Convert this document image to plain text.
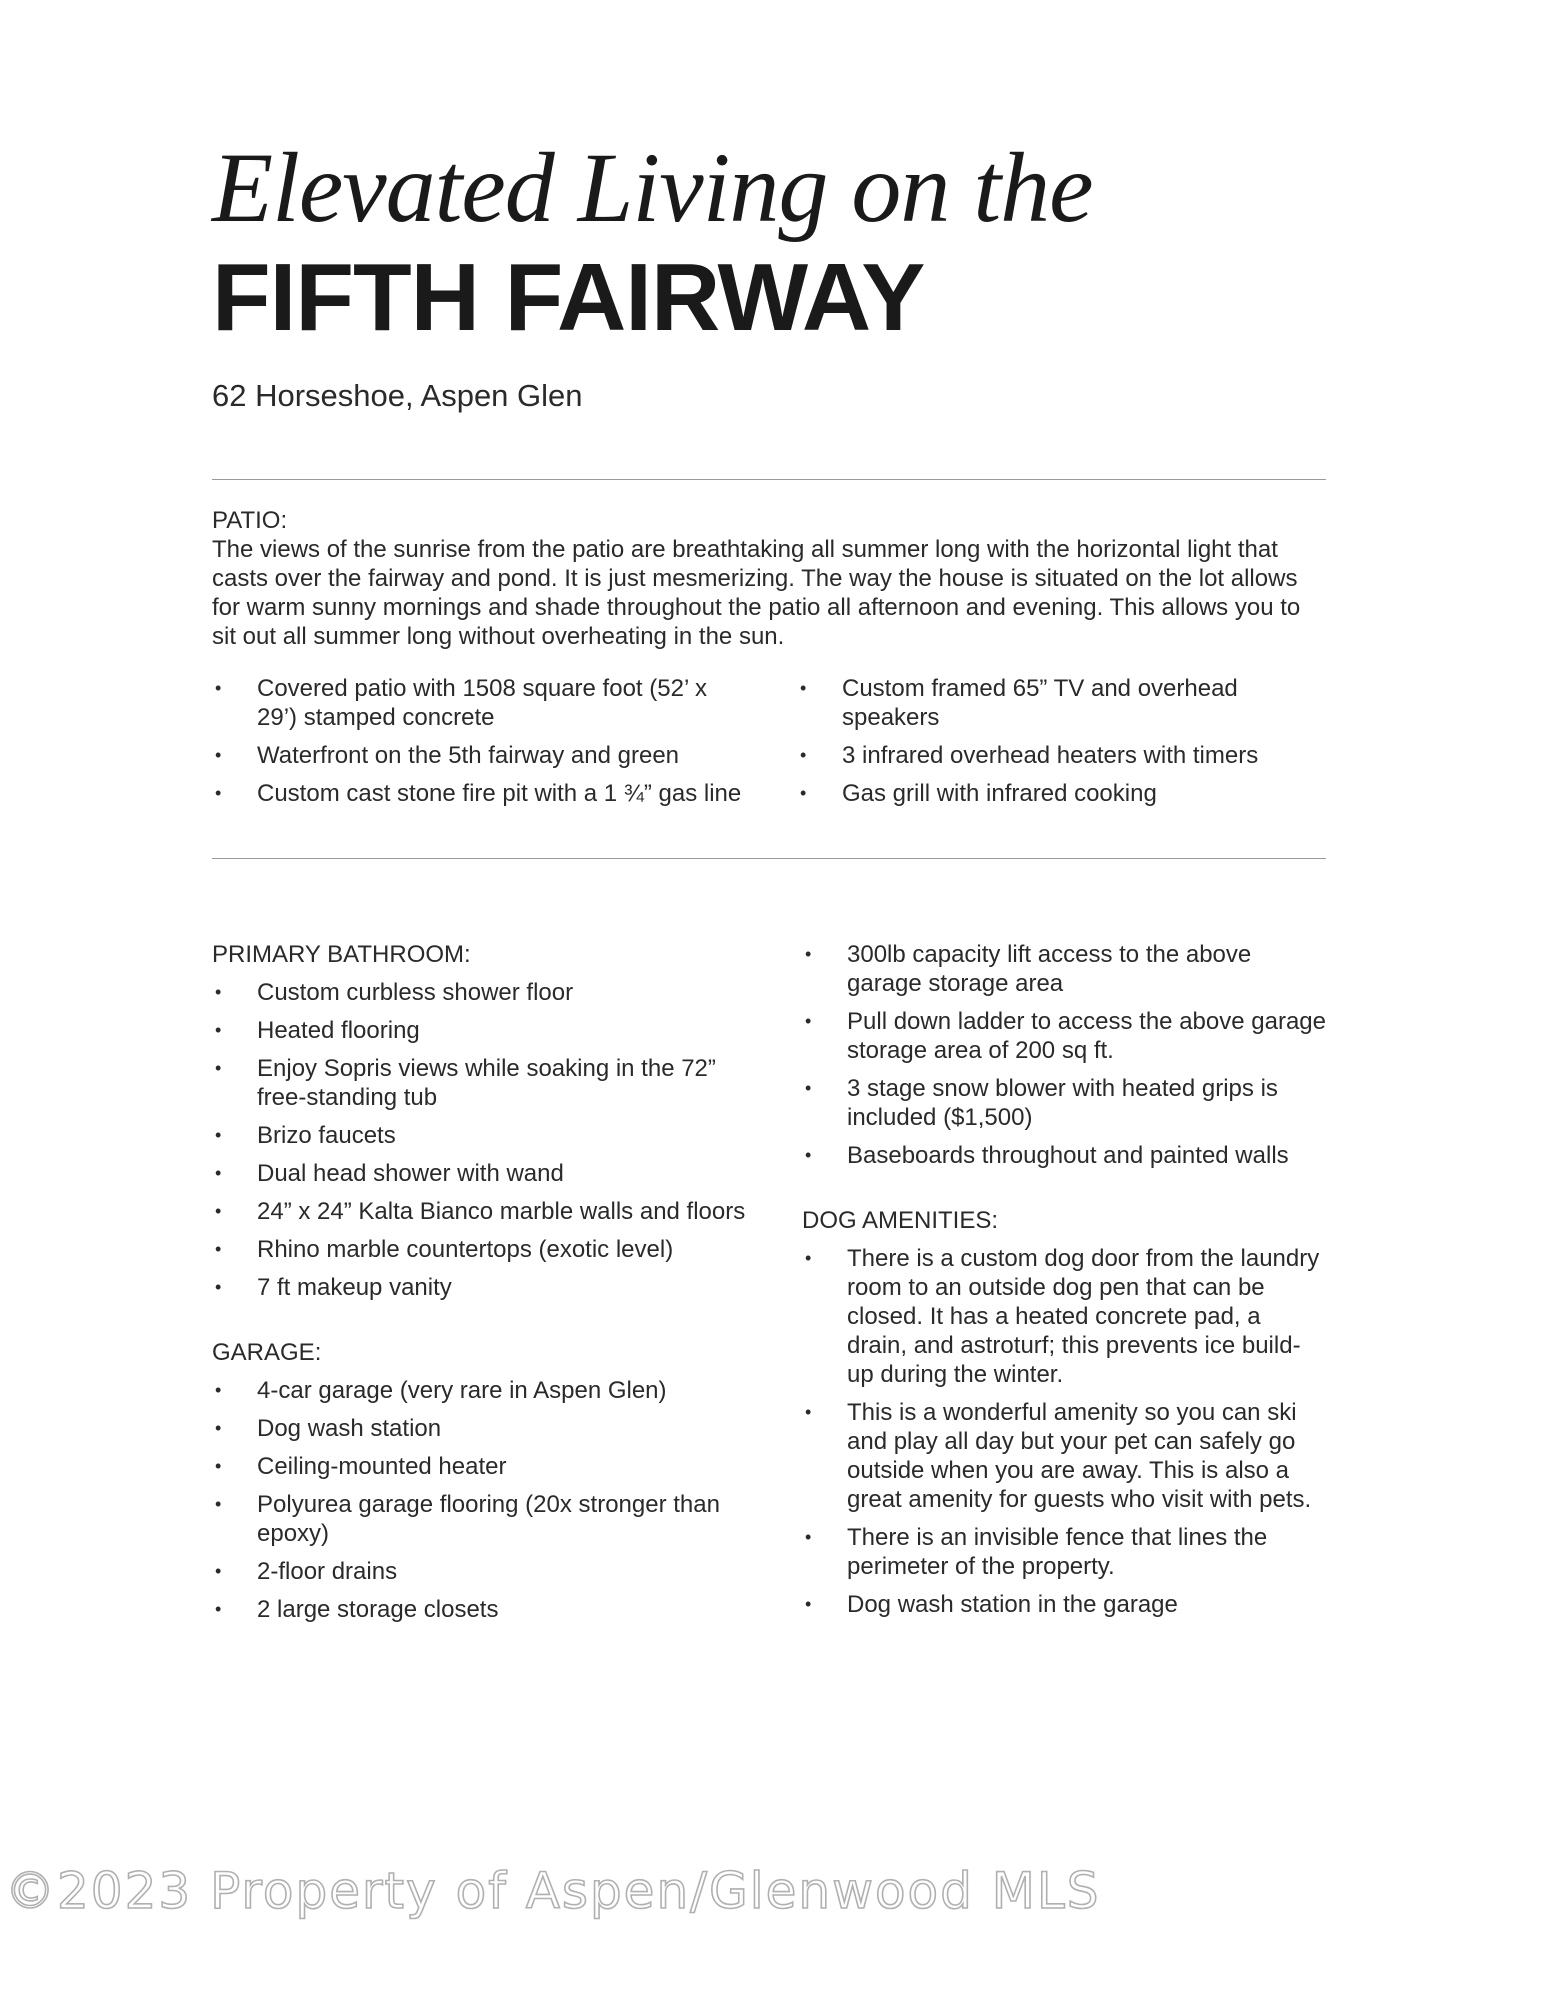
Elevated Living on the
FIFTH FAIRWAY
62 Horseshoe, Aspen Glen

PATIO:

The views of the sunrise from the patio are breathtaking all summer long with the horizontal light that casts over the fairway and pond. It is just mesmerizing. The way the house is situated on the lot allows for warm sunny mornings and shade throughout the patio all afternoon and evening. This allows you to sit out all summer long without overheating in the sun.

• Covered patio with 1508 square foot (52’ x 29’) stamped concrete
• Waterfront on the 5th fairway and green
• Custom cast stone fire pit with a 1 ¾” gas line
• Custom framed 65” TV and overhead speakers
• 3 infrared overhead heaters with timers
• Gas grill with infrared cooking

PRIMARY BATHROOM:

• Custom curbless shower floor
• Heated flooring
• Enjoy Sopris views while soaking in the 72” free-standing tub
• Brizo faucets
• Dual head shower with wand
• 24” x 24” Kalta Bianco marble walls and floors
• Rhino marble countertops (exotic level)
• 7 ft makeup vanity

GARAGE:

• 4-car garage (very rare in Aspen Glen)
• Dog wash station
• Ceiling-mounted heater
• Polyurea garage flooring (20x stronger than epoxy)
• 2-floor drains
• 2 large storage closets
• 300lb capacity lift access to the above garage storage area
• Pull down ladder to access the above garage storage area of 200 sq ft.
• 3 stage snow blower with heated grips is included ($1,500)
• Baseboards throughout and painted walls

DOG AMENITIES:

• There is a custom dog door from the laundry room to an outside dog pen that can be closed. It has a heated concrete pad, a drain, and astroturf; this prevents ice build-up during the winter.
• This is a wonderful amenity so you can ski and play all day but your pet can safely go outside when you are away. This is also a great amenity for guests who visit with pets.
• There is an invisible fence that lines the perimeter of the property.
• Dog wash station in the garage
©2023 Property of Aspen/Glenwood MLS
